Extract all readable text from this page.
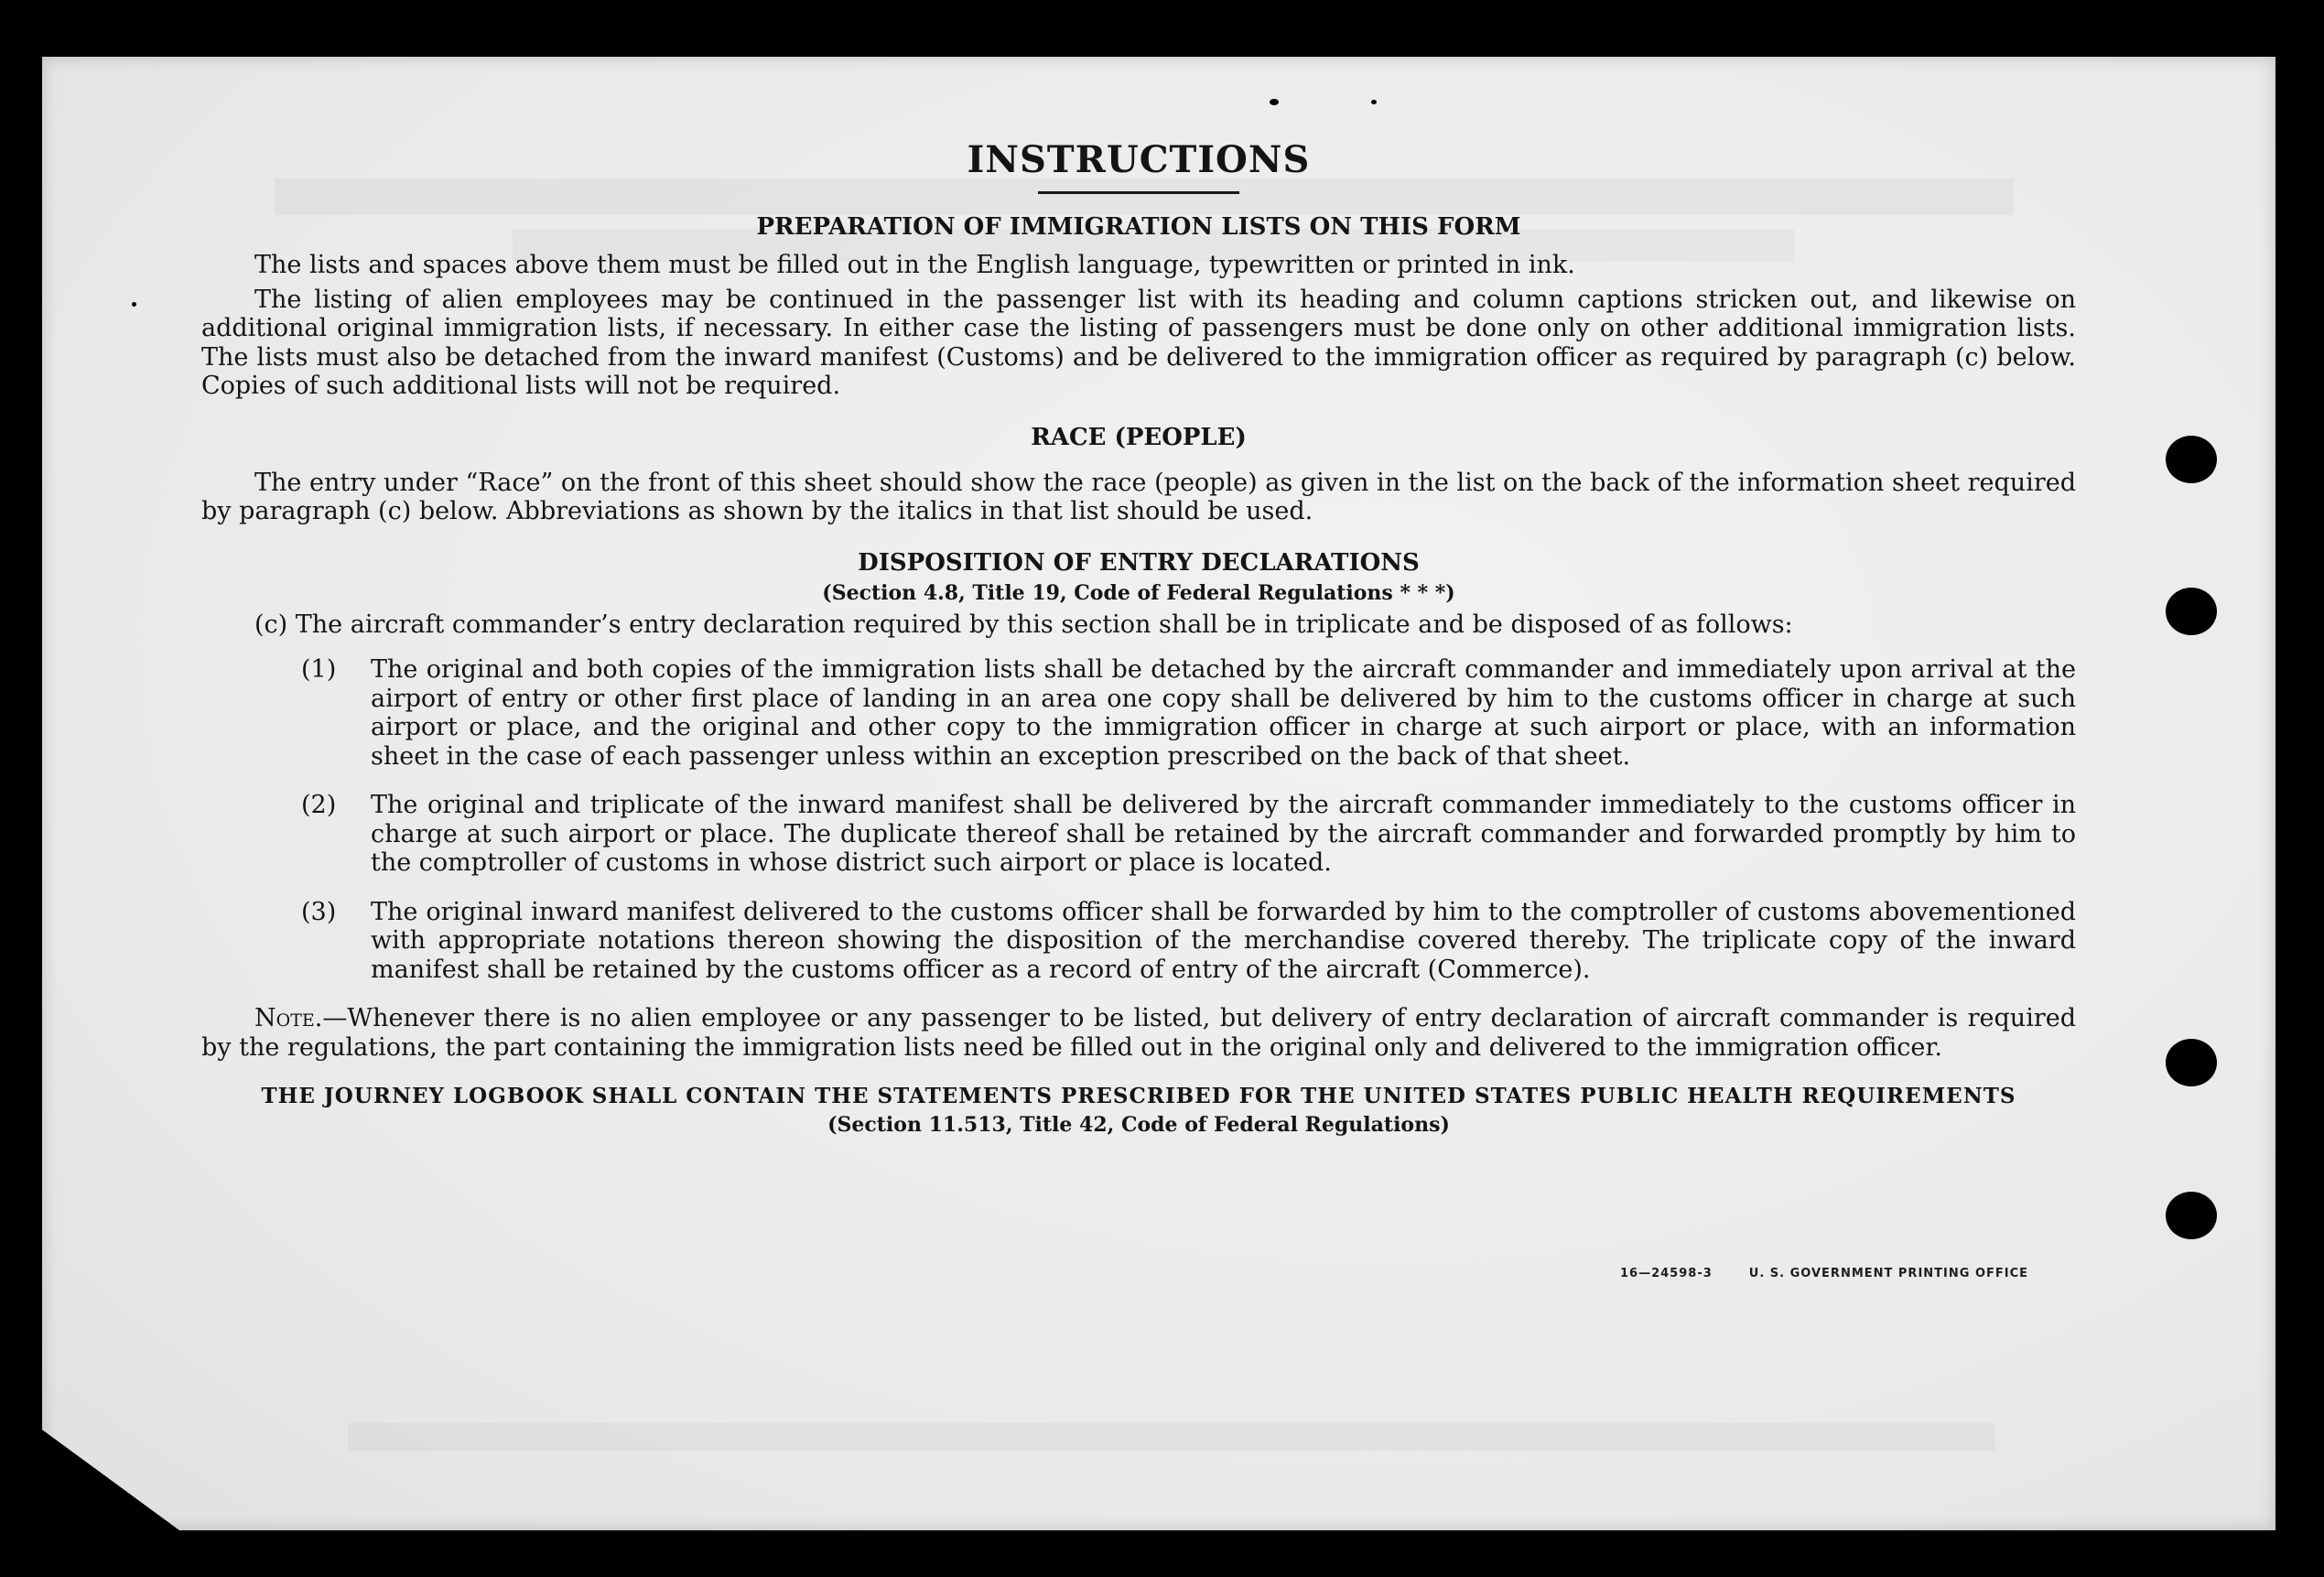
INSTRUCTIONS
PREPARATION OF IMMIGRATION LISTS ON THIS FORM

The lists and spaces above them must be filled out in the English language, typewritten or printed in ink.

The listing of alien employees may be continued in the passenger list with its heading and column captions stricken out, and likewise on additional original immigration lists, if necessary. In either case the listing of passengers must be done only on other additional immigration lists. The lists must also be detached from the inward manifest (Customs) and be delivered to the immigration officer as required by paragraph (c) below. Copies of such additional lists will not be required.

RACE (PEOPLE)

The entry under “Race” on the front of this sheet should show the race (people) as given in the list on the back of the information sheet required by paragraph (c) below. Abbreviations as shown by the italics in that list should be used.

DISPOSITION OF ENTRY DECLARATIONS

(Section 4.8, Title 19, Code of Federal Regulations * * *)

(c) The aircraft commander’s entry declaration required by this section shall be in triplicate and be disposed of as follows:

(1) The original and both copies of the immigration lists shall be detached by the aircraft commander and immediately upon arrival at the airport of entry or other first place of landing in an area one copy shall be delivered by him to the customs officer in charge at such airport or place, and the original and other copy to the immigration officer in charge at such airport or place, with an information sheet in the case of each passenger unless within an exception prescribed on the back of that sheet.
(2) The original and triplicate of the inward manifest shall be delivered by the aircraft commander immediately to the customs officer in charge at such airport or place. The duplicate thereof shall be retained by the aircraft commander and forwarded promptly by him to the comptroller of customs in whose district such airport or place is located.
(3) The original inward manifest delivered to the customs officer shall be forwarded by him to the comptroller of customs abovementioned with appropriate notations thereon showing the disposition of the merchandise covered thereby. The triplicate copy of the inward manifest shall be retained by the customs officer as a record of entry of the aircraft (Commerce).

Note.—Whenever there is no alien employee or any passenger to be listed, but delivery of entry declaration of aircraft commander is required by the regulations, the part containing the immigration lists need be filled out in the original only and delivered to the immigration officer.

THE JOURNEY LOGBOOK SHALL CONTAIN THE STATEMENTS PRESCRIBED FOR THE UNITED STATES PUBLIC HEALTH REQUIREMENTS

(Section 11.513, Title 42, Code of Federal Regulations)

16—24598-3	U. S. GOVERNMENT PRINTING OFFICE
